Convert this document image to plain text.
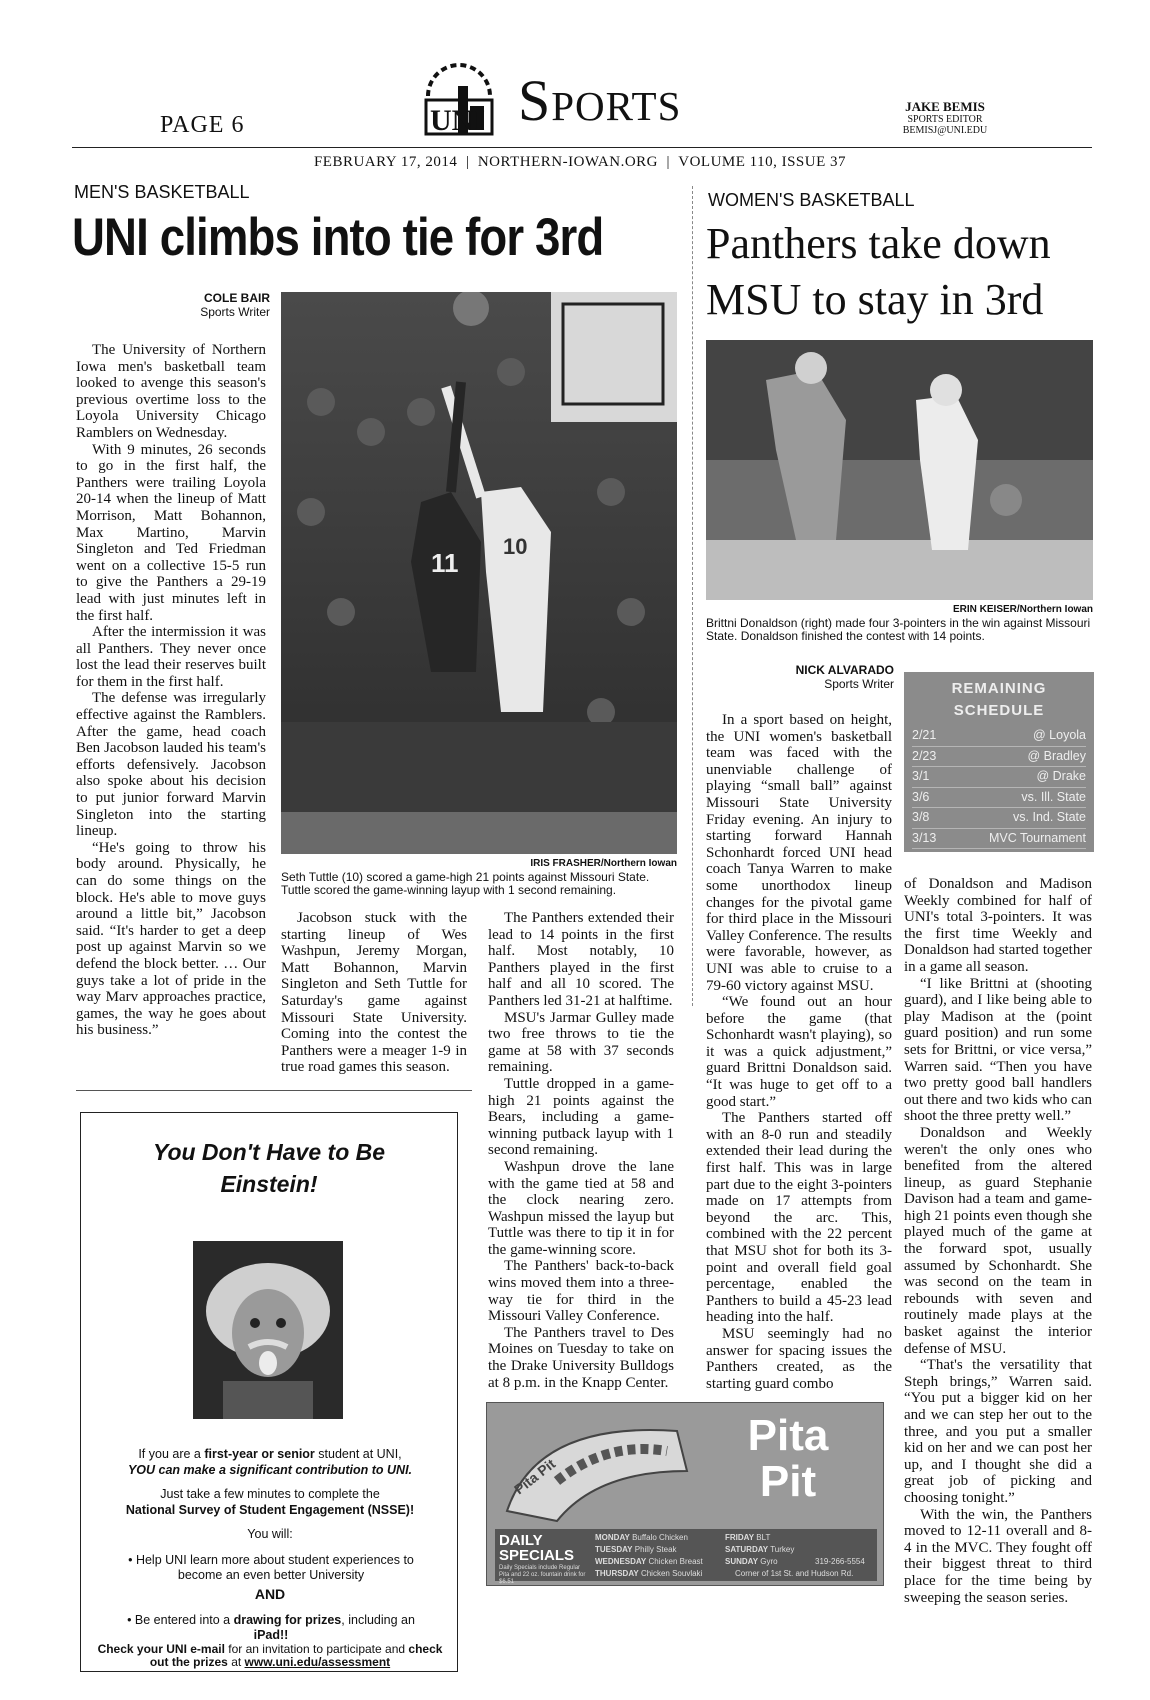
PAGE 6	UNI Sports	JAKE BEMIS
SPORTS EDITOR
BEMISJ@UNI.EDU
FEBRUARY 17, 2014  |  NORTHERN-IOWAN.ORG  |  VOLUME 110, ISSUE 37
MEN'S BASKETBALL
UNI climbs into tie for 3rd
COLE BAIR
Sports Writer

The University of Northern Iowa men's basketball team looked to avenge this season's previous overtime loss to the Loyola University Chicago Ramblers on Wednesday.

With 9 minutes, 26 seconds to go in the first half, the Panthers were trailing Loyola 20-14 when the lineup of Matt Morrison, Matt Bohannon, Max Martino, Marvin Singleton and Ted Friedman went on a collective 15-5 run to give the Panthers a 29-19 lead with just minutes left in the first half.

After the intermission it was all Panthers. They never once lost the lead their reserves built for them in the first half.

The defense was irregularly effective against the Ramblers. After the game, head coach Ben Jacobson lauded his team's efforts defensively. Jacobson also spoke about his decision to put junior forward Marvin Singleton into the starting lineup.

“He's going to throw his body around. Physically, he can do some things on the block. He's able to move guys around a little bit,” Jacobson said. “It's harder to get a deep post up against Marvin so we defend the block better. … Our guys take a lot of pride in the way Marv approaches practice, games, the way he goes about his business.”

11
10
IRIS FRASHER/Northern Iowan
Seth Tuttle (10) scored a game-high 21 points against Missouri State. Tuttle scored the game-winning layup with 1 second remaining.

Jacobson stuck with the starting lineup of Wes Washpun, Jeremy Morgan, Matt Bohannon, Marvin Singleton and Seth Tuttle for Saturday's game against Missouri State University. Coming into the contest the Panthers were a meager 1-9 in true road games this season.

The Panthers extended their lead to 14 points in the first half. Most notably, 10 Panthers played in the first half and all 10 scored. The Panthers led 31-21 at halftime.

MSU's Jarmar Gulley made two free throws to tie the game at 58 with 37 seconds remaining.

Tuttle dropped in a game-high 21 points against the Bears, including a game-winning putback layup with 1 second remaining.

Washpun drove the lane with the game tied at 58 and the clock nearing zero. Washpun missed the layup but Tuttle was there to tip it in for the game-winning score.

The Panthers' back-to-back wins moved them into a three-way tie for third in the Missouri Valley Conference.

The Panthers travel to Des Moines on Tuesday to take on the Drake University Bulldogs at 8 p.m. in the Knapp Center.

WOMEN'S BASKETBALL
Panthers take down MSU to stay in 3rd
ERIN KEISER/Northern Iowan
Brittni Donaldson (right) made four 3-pointers in the win against Missouri State. Donaldson finished the contest with 14 points.
NICK ALVARADO
Sports Writer	REMAINING
SCHEDULE
2/21	@ Loyola
2/23	@ Bradley
3/1	@ Drake
3/6	vs. Ill. State
3/8	vs. Ind. State
3/13	MVC Tournament

In a sport based on height, the UNI women's basketball team was faced with the unenviable challenge of playing “small ball” against Missouri State University Friday evening. An injury to starting forward Hannah Schonhardt forced UNI head coach Tanya Warren to make some unorthodox lineup changes for the pivotal game for third place in the Missouri Valley Conference. The results were favorable, however, as UNI was able to cruise to a 79-60 victory against MSU.

“We found out an hour before the game (that Schonhardt wasn't playing), so it was a quick adjustment,” guard Brittni Donaldson said. “It was huge to get off to a good start.”

The Panthers started off with an 8-0 run and steadily extended their lead during the first half. This was in large part due to the eight 3-pointers made on 17 attempts from beyond the arc. This, combined with the 22 percent that MSU shot for both its 3-point and overall field goal percentage, enabled the Panthers to build a 45-23 lead heading into the half.

MSU seemingly had no answer for spacing issues the Panthers created, as the starting guard combo

of Donaldson and Madison Weekly combined for half of UNI's total 3-pointers. It was the first time Weekly and Donaldson had started together in a game all season.

“I like Brittni at (shooting guard), and I like being able to play Madison at the (point guard position) and run some sets for Brittni, or vice versa,” Warren said. “Then you have two pretty good ball handlers out there and two kids who can shoot the three pretty well.”

Donaldson and Weekly weren't the only ones who benefited from the altered lineup, as guard Stephanie Davison had a team and game-high 21 points even though she played much of the game at the forward spot, usually assumed by Schonhardt. She was second on the team in rebounds with seven and routinely made plays at the basket against the interior defense of MSU.

“That's the versatility that Steph brings,” Warren said. “You put a bigger kid on her and we can step her out to the three, and you put a smaller kid on her and we can post her up, and I thought she did a great job of picking and choosing tonight.”

With the win, the Panthers moved to 12-11 overall and 8-4 in the MVC. They fought off their biggest threat to third place for the time being by sweeping the season series.

You Don't Have to Be
Einstein!
If you are a first-year or senior student at UNI,
YOU can make a significant contribution to UNI.
Just take a few minutes to complete the
National Survey of Student Engagement (NSSE)!
You will:
• Help UNI learn more about student experiences to become an even better University
AND
• Be entered into a drawing for prizes, including an iPad!!
Check your UNI e-mail for an invitation to participate and check out the prizes at www.uni.edu/assessment
Pita Pit
Pita
Pit
DAILY
SPECIALS
Daily Specials include Regular Pita and 22 oz. fountain drink for $6.51
MONDAY Buffalo Chicken
TUESDAY Philly Steak
WEDNESDAY Chicken Breast
THURSDAY Chicken Souvlaki
FRIDAY BLT
SATURDAY Turkey
SUNDAY Gyro	319-266-5554
Corner of 1st St. and Hudson Rd.
